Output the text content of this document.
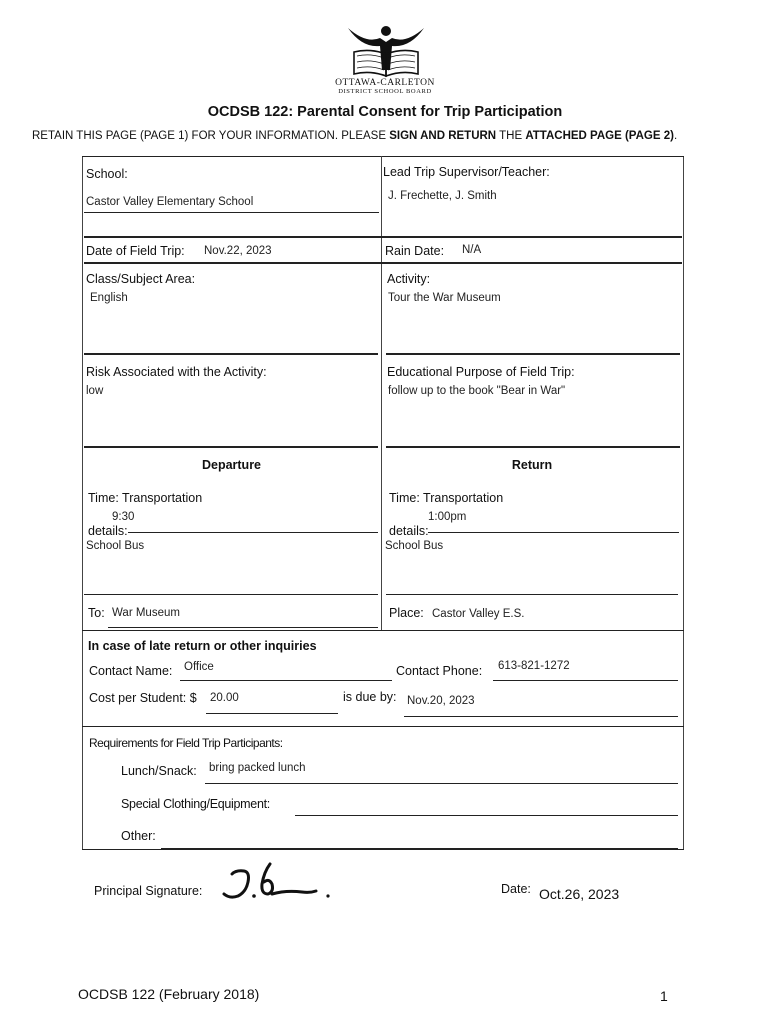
OTTAWA-CARLETON
DISTRICT SCHOOL BOARD
OCDSB 122: Parental Consent for Trip Participation
RETAIN THIS PAGE (PAGE 1) FOR YOUR INFORMATION. PLEASE SIGN AND RETURN THE ATTACHED PAGE (PAGE 2).
School:
Castor Valley Elementary School
Lead Trip Supervisor/Teacher:
J. Frechette, J. Smith
Date of Field Trip: Nov.22, 2023	Rain Date: N/A
Class/Subject Area:
English
Activity:
Tour the War Museum
Risk Associated with the Activity:
low
Educational Purpose of Field Trip:
follow up to the book "Bear in War"
Departure	Return
Time: Transportation
9:30
details:
School Bus
Time: Transportation
1:00pm
details:
School Bus
To: War Museum	Place: Castor Valley E.S.
In case of late return or other inquiries
Contact Name: Office	Contact Phone: 613-821-1272
Cost per Student: $ 20.00	is due by: Nov.20, 2023
Requirements for Field Trip Participants:
Lunch/Snack: bring packed lunch
Special Clothing/Equipment:
Other:
Principal Signature:	Date: Oct.26, 2023
OCDSB 122 (February 2018)	1
